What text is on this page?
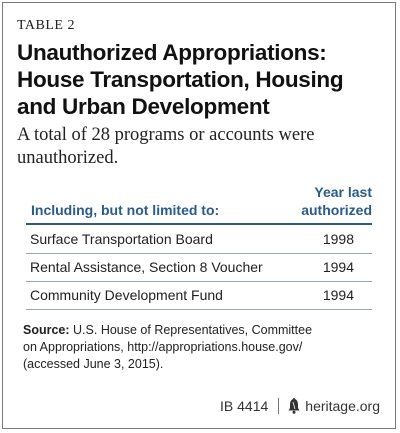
TABLE 2
Unauthorized Appropriations:
House Transportation, Housing
and Urban Development
A total of 28 programs or accounts were
unauthorized.
Including, but not limited to:
Year last
authorized
Surface Transportation Board	1998
Rental Assistance, Section 8 Voucher	1994
Community Development Fund	1994
Source: U.S. House of Representatives, Committee
on Appropriations, http://appropriations.house.gov/
(accessed June 3, 2015).
IB 4414	heritage.org
